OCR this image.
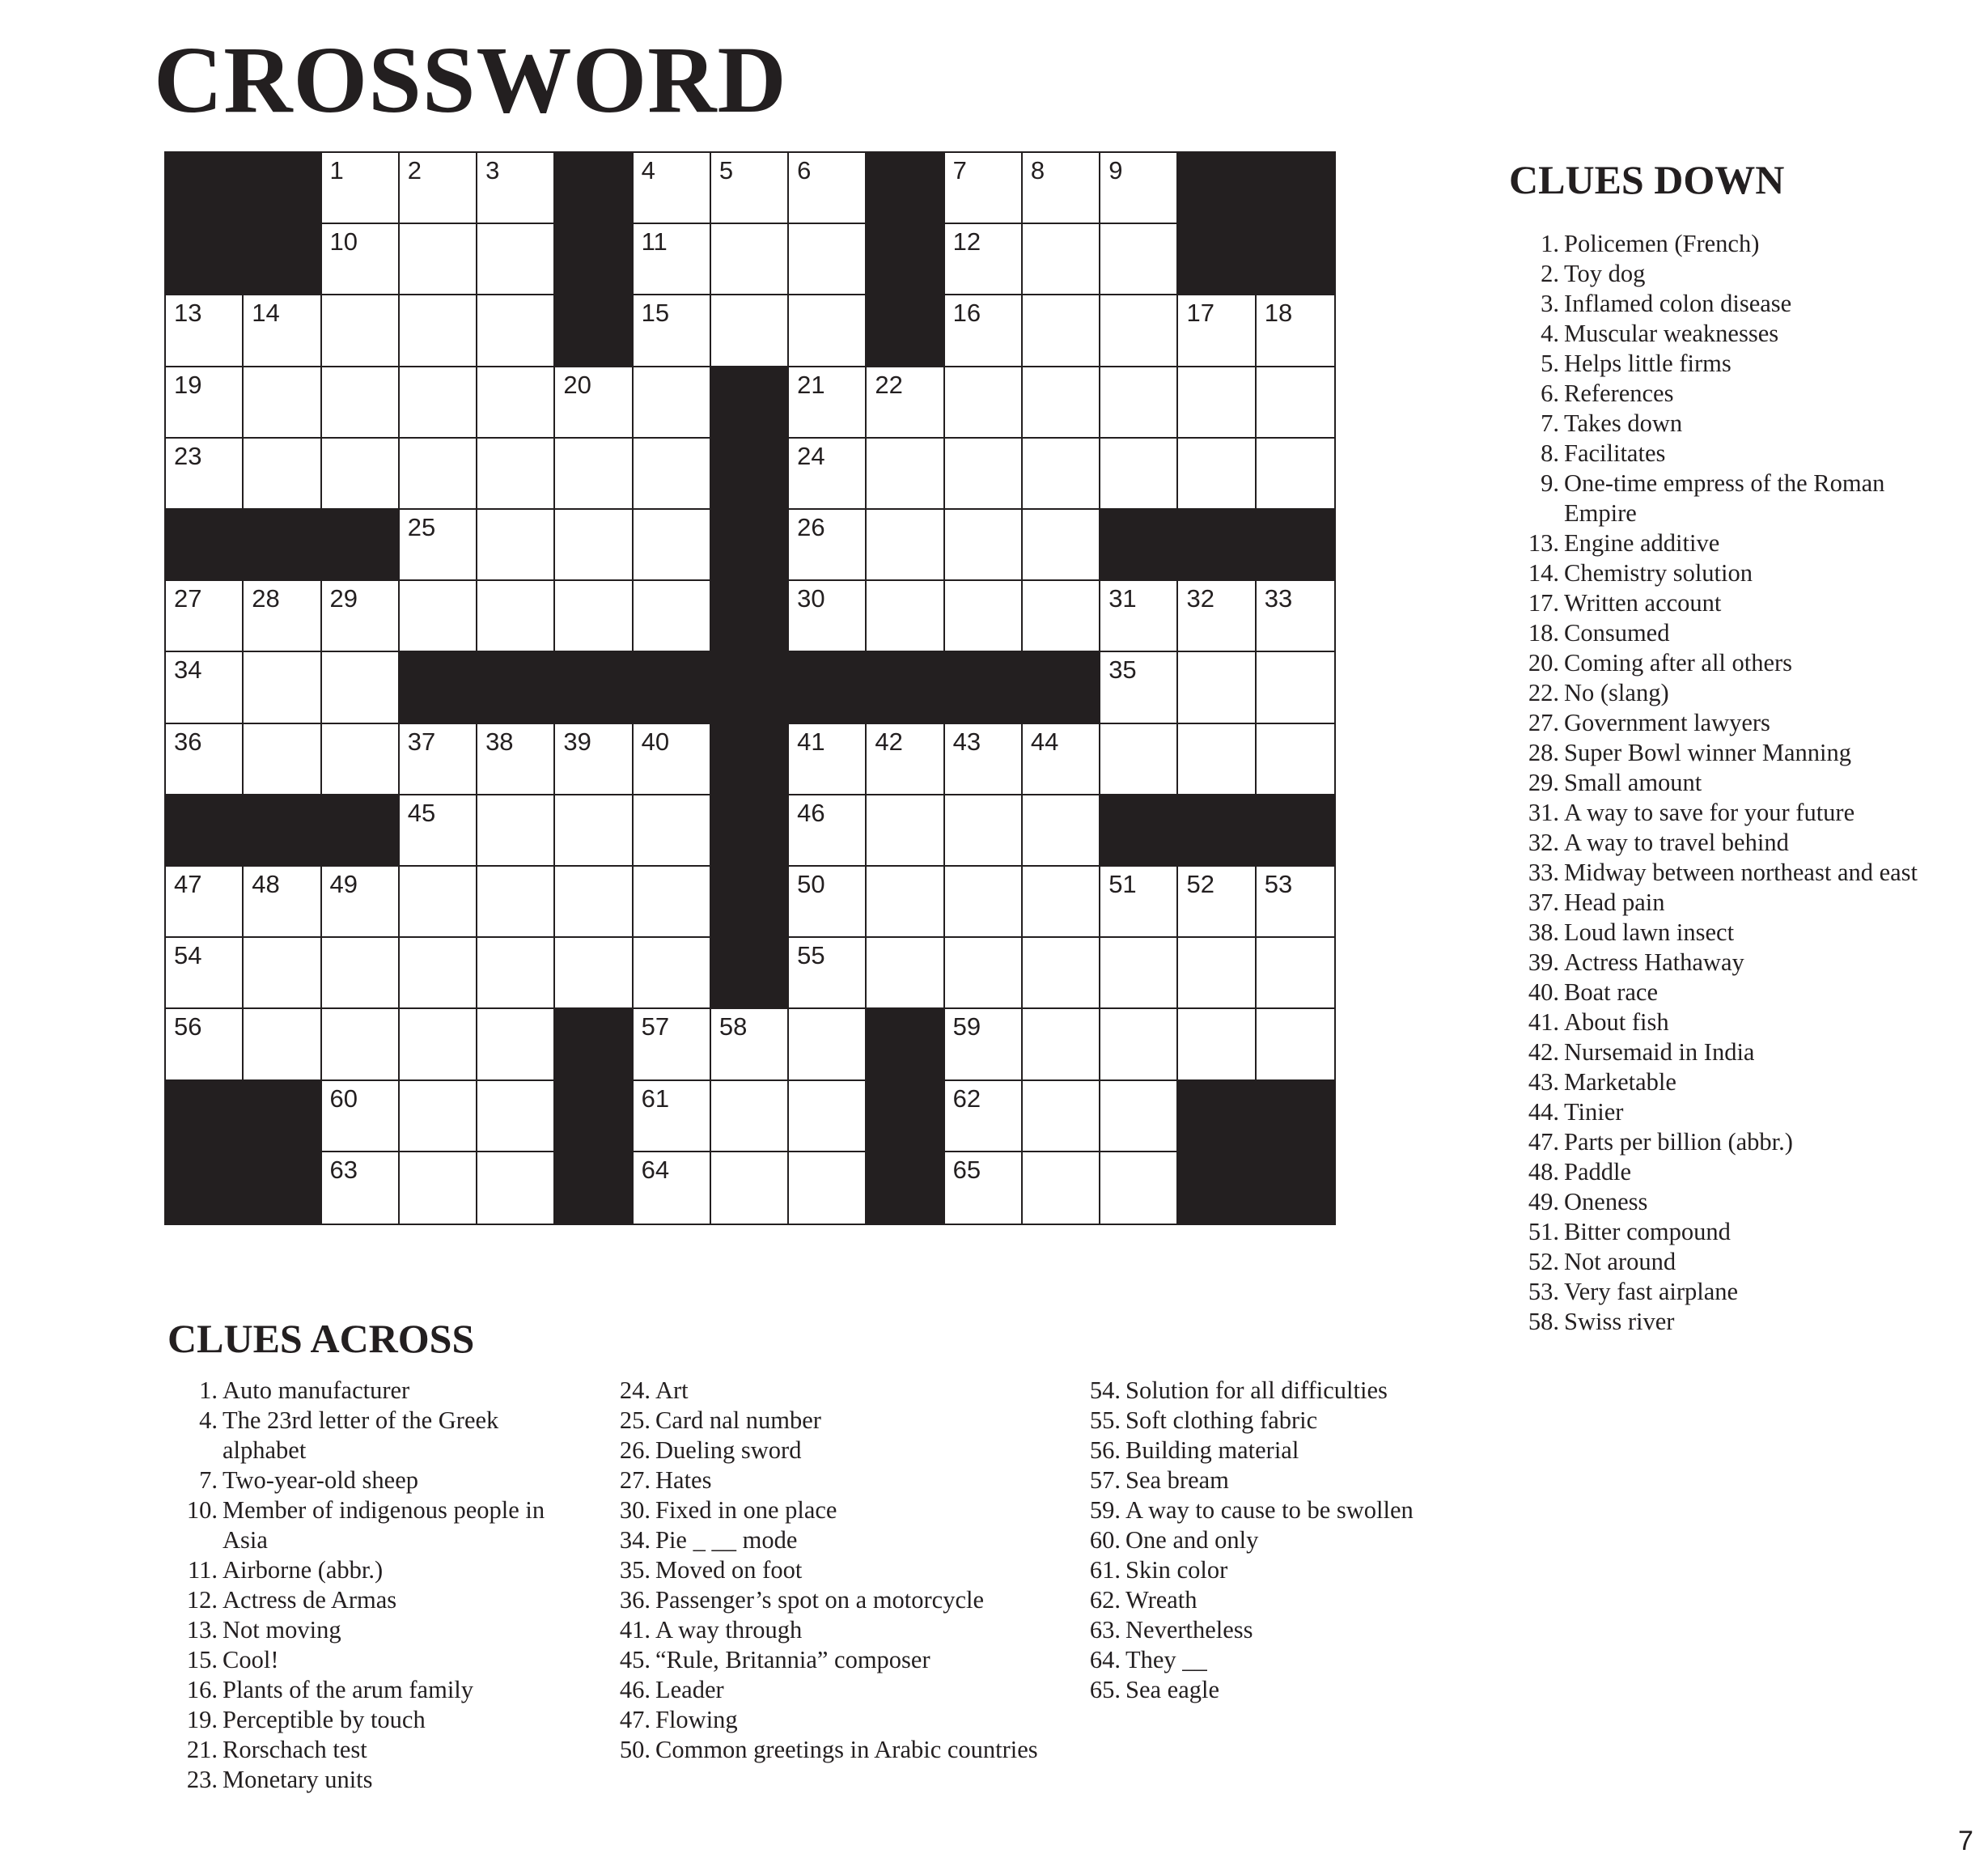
CROSSWORD
1	2	3	4	5	6	7	8	9
10	11	12
13 14	15	16	17 18
19	20	21 22
23	24
25	26
27 28 29	30	31 32 33
34	35
36	37 38 39 40	41 42 43 44
45	46
47 48 49	50	51 52 53
54	55
56	57 58	59
60	61	62
63	64	65
CLUES DOWN
1. Policemen (French)
2. Toy dog
3. Inflamed colon disease
4. Muscular weaknesses
5. Helps little firms
6. References
7. Takes down
8. Facilitates
9. One-time empress of the Roman Empire
13. Engine additive
14. Chemistry solution
17. Written account
18. Consumed
20. Coming after all others
22. No (slang)
27. Government lawyers
28. Super Bowl winner Manning
29. Small amount
31. A way to save for your future
32. A way to travel behind
33. Midway between northeast and east
37. Head pain
38. Loud lawn insect
39. Actress Hathaway
40. Boat race
41. About fish
42. Nursemaid in India
43. Marketable
44. Tinier
47. Parts per billion (abbr.)
48. Paddle
49. Oneness
51. Bitter compound
52. Not around
53. Very fast airplane
58. Swiss river
CLUES ACROSS
1. Auto manufacturer
4. The 23rd letter of the Greek alphabet
7. Two-year-old sheep
10. Member of indigenous people in Asia
11. Airborne (abbr.)
12. Actress de Armas
13. Not moving
15. Cool!
16. Plants of the arum family
19. Perceptible by touch
21. Rorschach test
23. Monetary units
24. Art
25. Card nal number
26. Dueling sword
27. Hates
30. Fixed in one place
34. Pie _ __ mode
35. Moved on foot
36. Passenger’s spot on a motorcycle
41. A way through
45. “Rule, Britannia” composer
46. Leader
47. Flowing
50. Common greetings in Arabic countries
54. Solution for all difficulties
55. Soft clothing fabric
56. Building material
57. Sea bream
59. A way to cause to be swollen
60. One and only
61. Skin color
62. Wreath
63. Nevertheless
64. They __
65. Sea eagle
7
